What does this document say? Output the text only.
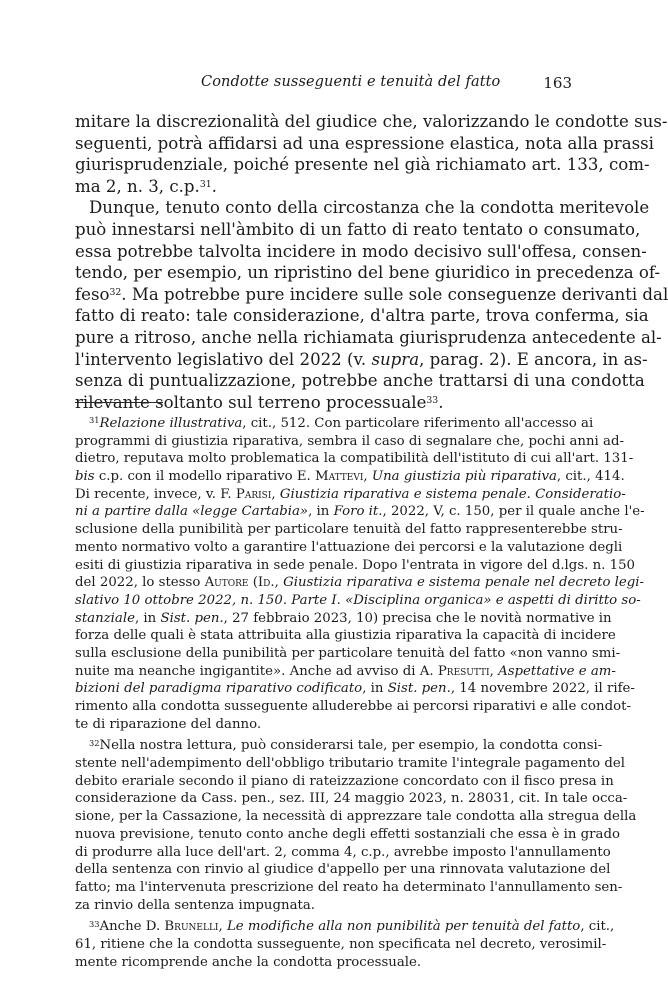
Condotte susseguenti e tenuità del fatto	163
mitare la discrezionalità del giudice che, valorizzando le condotte sus-
seguenti, potrà affidarsi ad una espressione elastica, nota alla prassi
giurisprudenziale, poiché presente nel già richiamato art. 133, com-
ma 2, n. 3, c.p.$^{31}$.
Dunque, tenuto conto della circostanza che la condotta meritevole
può innestarsi nell'àmbito di un fatto di reato tentato o consumato,
essa potrebbe talvolta incidere in modo decisivo sull'offesa, consen-
tendo, per esempio, un ripristino del bene giuridico in precedenza of-
feso$^{32}$. Ma potrebbe pure incidere sulle sole conseguenze derivanti dal
fatto di reato: tale considerazione, d'altra parte, trova conferma, sia
pure a ritroso, anche nella richiamata giurisprudenza antecedente al-
l'intervento legislativo del 2022 (v. supra, parag. 2). E ancora, in as-
senza di puntualizzazione, potrebbe anche trattarsi di una condotta
rilevante soltanto sul terreno processuale$^{33}$.
$^{31}$Relazione illustrativa, cit., 512. Con particolare riferimento all'accesso ai
programmi di giustizia riparativa, sembra il caso di segnalare che, pochi anni ad-
dietro, reputava molto problematica la compatibilità dell'istituto di cui all'art. 131-
bis c.p. con il modello riparativo E. Mattevi, Una giustizia più riparativa, cit., 414.
Di recente, invece, v. F. Parisi, Giustizia riparativa e sistema penale. Consideratio-
ni a partire dalla «legge Cartabia», in Foro it., 2022, V, c. 150, per il quale anche l'e-
sclusione della punibilità per particolare tenuità del fatto rappresenterebbe stru-
mento normativo volto a garantire l'attuazione dei percorsi e la valutazione degli
esiti di giustizia riparativa in sede penale. Dopo l'entrata in vigore del d.lgs. n. 150
del 2022, lo stesso Autore (Id., Giustizia riparativa e sistema penale nel decreto legi-
slativo 10 ottobre 2022, n. 150. Parte I. «Disciplina organica» e aspetti di diritto so-
stanziale, in Sist. pen., 27 febbraio 2023, 10) precisa che le novità normative in
forza delle quali è stata attribuita alla giustizia riparativa la capacità di incidere
sulla esclusione della punibilità per particolare tenuità del fatto «non vanno smi-
nuite ma neanche ingigantite». Anche ad avviso di A. Presutti, Aspettative e am-
bizioni del paradigma riparativo codificato, in Sist. pen., 14 novembre 2022, il rife-
rimento alla condotta susseguente alluderebbe ai percorsi riparativi e alle condot-
te di riparazione del danno.
$^{32}$Nella nostra lettura, può considerarsi tale, per esempio, la condotta consi-
stente nell'adempimento dell'obbligo tributario tramite l'integrale pagamento del
debito erariale secondo il piano di rateizzazione concordato con il fisco presa in
considerazione da Cass. pen., sez. III, 24 maggio 2023, n. 28031, cit. In tale occa-
sione, per la Cassazione, la necessità di apprezzare tale condotta alla stregua della
nuova previsione, tenuto conto anche degli effetti sostanziali che essa è in grado
di produrre alla luce dell'art. 2, comma 4, c.p., avrebbe imposto l'annullamento
della sentenza con rinvio al giudice d'appello per una rinnovata valutazione del
fatto; ma l'intervenuta prescrizione del reato ha determinato l'annullamento sen-
za rinvio della sentenza impugnata.
$^{33}$Anche D. Brunelli, Le modifiche alla non punibilità per tenuità del fatto, cit.,
61, ritiene che la condotta susseguente, non specificata nel decreto, verosimil-
mente ricomprende anche la condotta processuale.
